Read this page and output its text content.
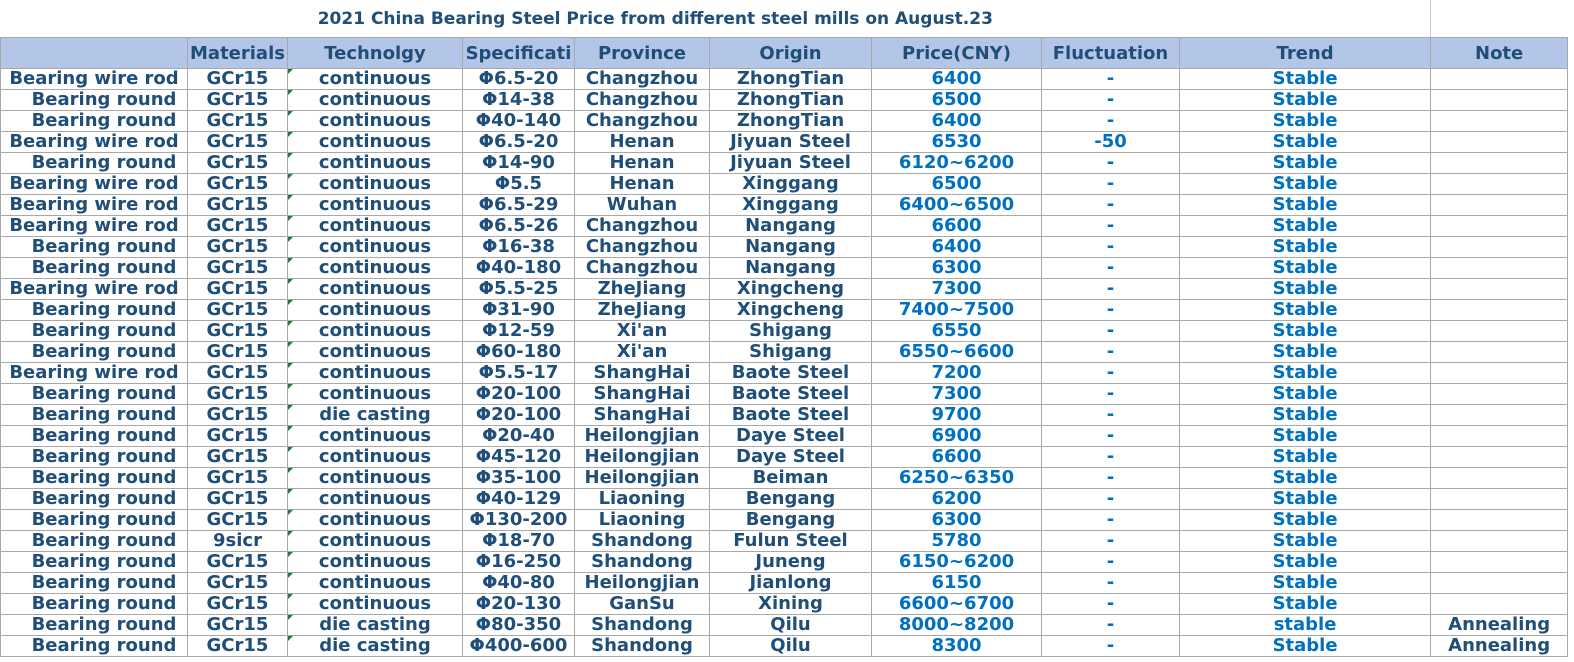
2021 China Bearing Steel Price from different steel mills on August.23									
	Materials	Technolgy	Specificati	Province	Origin	Price(CNY)	Fluctuation	Trend	Note
Bearing wire rod	GCr15	continuous	Φ6.5-20	Changzhou	ZhongTian	6400	-	Stable	
Bearing round	GCr15	continuous	Φ14-38	Changzhou	ZhongTian	6500	-	Stable	
Bearing round	GCr15	continuous	Φ40-140	Changzhou	ZhongTian	6400	-	Stable	
Bearing wire rod	GCr15	continuous	Φ6.5-20	Henan	Jiyuan Steel	6530	-50	Stable	
Bearing round	GCr15	continuous	Φ14-90	Henan	Jiyuan Steel	6120~6200	-	Stable	
Bearing wire rod	GCr15	continuous	Φ5.5	Henan	Xinggang	6500	-	Stable	
Bearing wire rod	GCr15	continuous	Φ6.5-29	Wuhan	Xinggang	6400~6500	-	Stable	
Bearing wire rod	GCr15	continuous	Φ6.5-26	Changzhou	Nangang	6600	-	Stable	
Bearing round	GCr15	continuous	Φ16-38	Changzhou	Nangang	6400	-	Stable	
Bearing round	GCr15	continuous	Φ40-180	Changzhou	Nangang	6300	-	Stable	
Bearing wire rod	GCr15	continuous	Φ5.5-25	ZheJiang	Xingcheng	7300	-	Stable	
Bearing round	GCr15	continuous	Φ31-90	ZheJiang	Xingcheng	7400~7500	-	Stable	
Bearing round	GCr15	continuous	Φ12-59	Xi'an	Shigang	6550	-	Stable	
Bearing round	GCr15	continuous	Φ60-180	Xi'an	Shigang	6550~6600	-	Stable	
Bearing wire rod	GCr15	continuous	Φ5.5-17	ShangHai	Baote Steel	7200	-	Stable	
Bearing round	GCr15	continuous	Φ20-100	ShangHai	Baote Steel	7300	-	Stable	
Bearing round	GCr15	die casting	Φ20-100	ShangHai	Baote Steel	9700	-	Stable	
Bearing round	GCr15	continuous	Φ20-40	Heilongjian	Daye Steel	6900	-	Stable	
Bearing round	GCr15	continuous	Φ45-120	Heilongjian	Daye Steel	6600	-	Stable	
Bearing round	GCr15	continuous	Φ35-100	Heilongjian	Beiman	6250~6350	-	Stable	
Bearing round	GCr15	continuous	Φ40-129	Liaoning	Bengang	6200	-	Stable	
Bearing round	GCr15	continuous	Φ130-200	Liaoning	Bengang	6300	-	Stable	
Bearing round	9sicr	continuous	Φ18-70	Shandong	Fulun Steel	5780	-	Stable	
Bearing round	GCr15	continuous	Φ16-250	Shandong	Juneng	6150~6200	-	Stable	
Bearing round	GCr15	continuous	Φ40-80	Heilongjian	Jianlong	6150	-	Stable	
Bearing round	GCr15	continuous	Φ20-130	GanSu	Xining	6600~6700	-	Stable	
Bearing round	GCr15	die casting	Φ80-350	Shandong	Qilu	8000~8200	-	stable	Annealing
Bearing round	GCr15	die casting	Φ400-600	Shandong	Qilu	8300	-	Stable	Annealing
